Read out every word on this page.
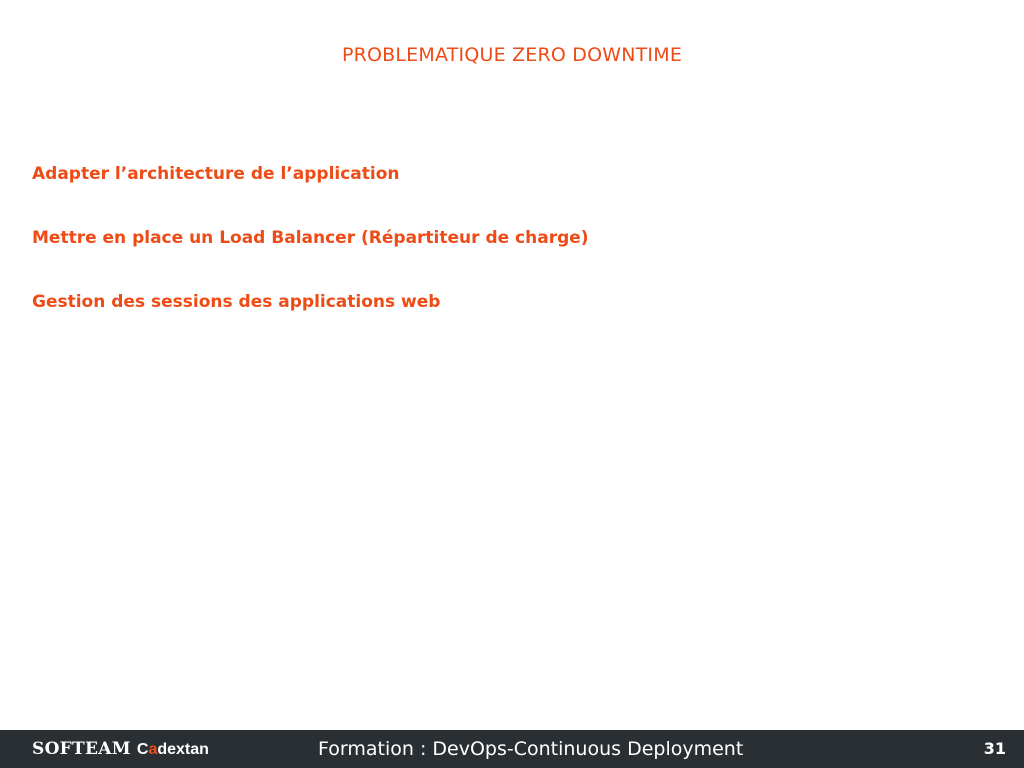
PROBLEMATIQUE ZERO DOWNTIME
Adapter l’architecture de l’application
Mettre en place un Load Balancer (Répartiteur de charge)
Gestion des sessions des applications web
SOFTEAM Cadextan	Formation : DevOps-Continuous Deployment	31
